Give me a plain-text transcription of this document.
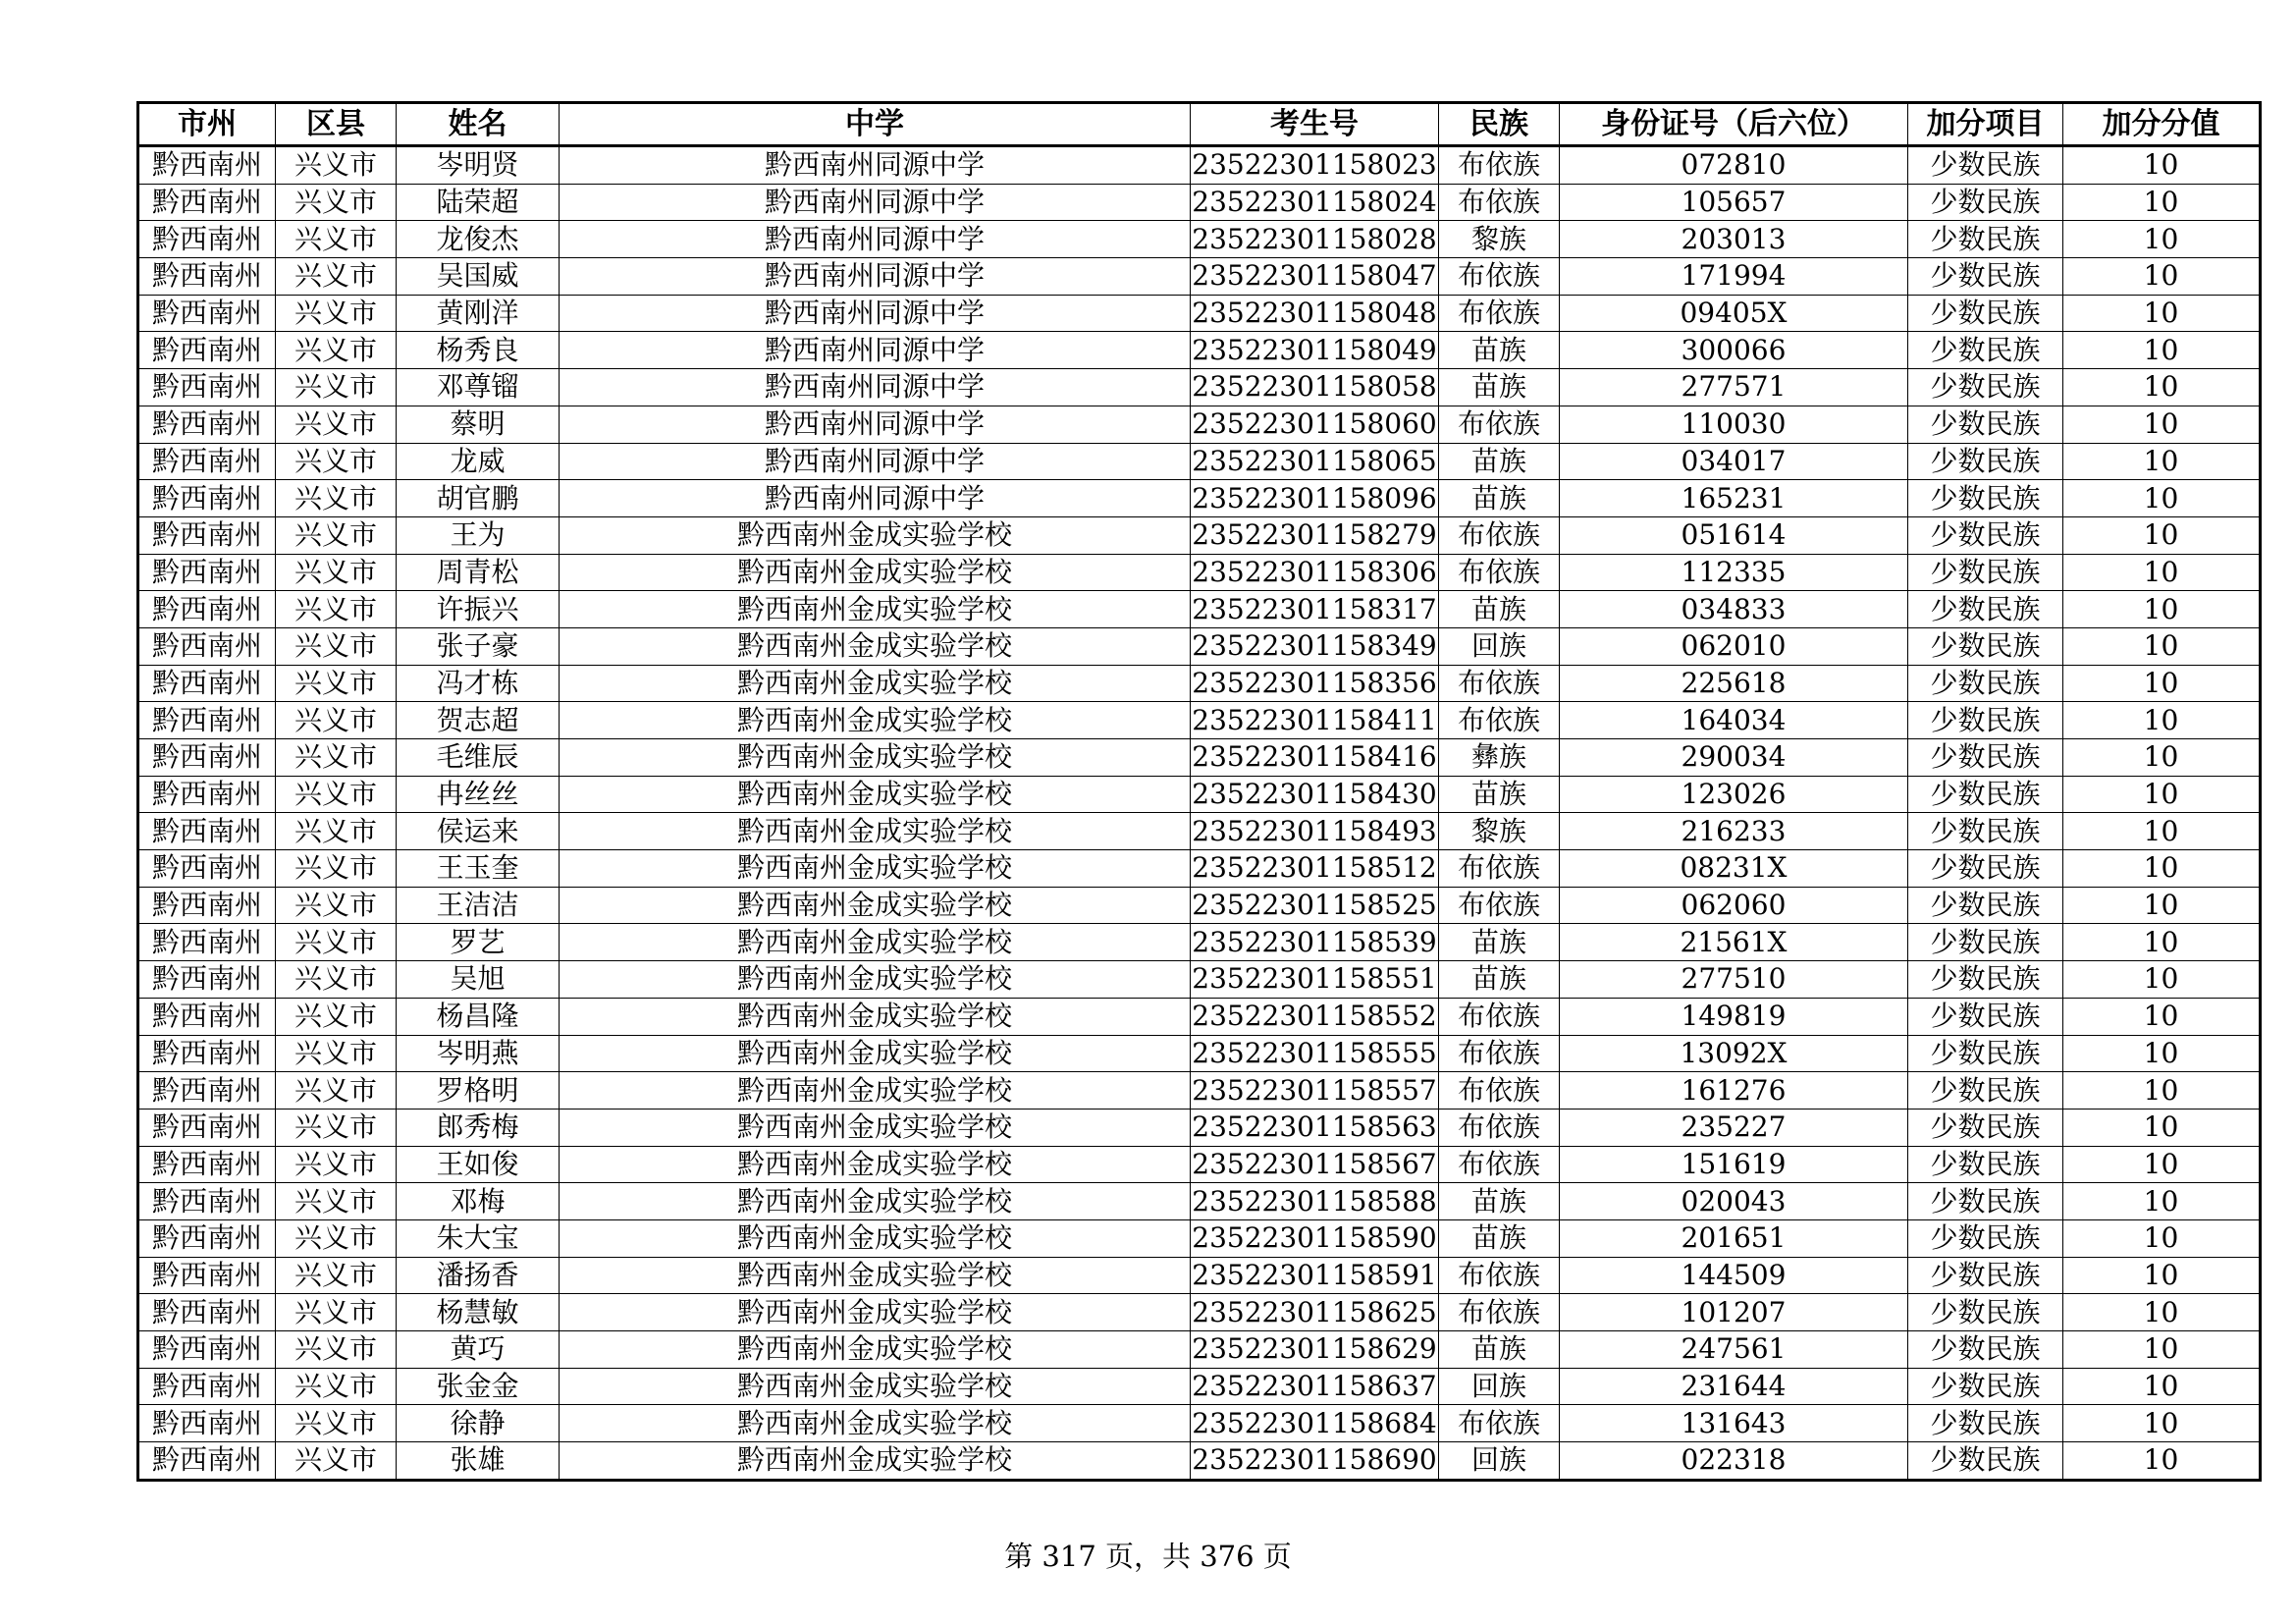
市州	区县	姓名	中学	考生号	民族	身份证号（后六位）	加分项目	加分分值
黔西南州	兴义市	岑明贤	黔西南州同源中学	23522301158023	布依族	072810	少数民族	10
黔西南州	兴义市	陆荣超	黔西南州同源中学	23522301158024	布依族	105657	少数民族	10
黔西南州	兴义市	龙俊杰	黔西南州同源中学	23522301158028	黎族	203013	少数民族	10
黔西南州	兴义市	吴国威	黔西南州同源中学	23522301158047	布依族	171994	少数民族	10
黔西南州	兴义市	黄刚洋	黔西南州同源中学	23522301158048	布依族	09405X	少数民族	10
黔西南州	兴义市	杨秀良	黔西南州同源中学	23522301158049	苗族	300066	少数民族	10
黔西南州	兴义市	邓尊镏	黔西南州同源中学	23522301158058	苗族	277571	少数民族	10
黔西南州	兴义市	蔡明	黔西南州同源中学	23522301158060	布依族	110030	少数民族	10
黔西南州	兴义市	龙威	黔西南州同源中学	23522301158065	苗族	034017	少数民族	10
黔西南州	兴义市	胡官鹏	黔西南州同源中学	23522301158096	苗族	165231	少数民族	10
黔西南州	兴义市	王为	黔西南州金成实验学校	23522301158279	布依族	051614	少数民族	10
黔西南州	兴义市	周青松	黔西南州金成实验学校	23522301158306	布依族	112335	少数民族	10
黔西南州	兴义市	许振兴	黔西南州金成实验学校	23522301158317	苗族	034833	少数民族	10
黔西南州	兴义市	张子豪	黔西南州金成实验学校	23522301158349	回族	062010	少数民族	10
黔西南州	兴义市	冯才栋	黔西南州金成实验学校	23522301158356	布依族	225618	少数民族	10
黔西南州	兴义市	贺志超	黔西南州金成实验学校	23522301158411	布依族	164034	少数民族	10
黔西南州	兴义市	毛维辰	黔西南州金成实验学校	23522301158416	彝族	290034	少数民族	10
黔西南州	兴义市	冉丝丝	黔西南州金成实验学校	23522301158430	苗族	123026	少数民族	10
黔西南州	兴义市	侯运来	黔西南州金成实验学校	23522301158493	黎族	216233	少数民族	10
黔西南州	兴义市	王玉奎	黔西南州金成实验学校	23522301158512	布依族	08231X	少数民族	10
黔西南州	兴义市	王洁洁	黔西南州金成实验学校	23522301158525	布依族	062060	少数民族	10
黔西南州	兴义市	罗艺	黔西南州金成实验学校	23522301158539	苗族	21561X	少数民族	10
黔西南州	兴义市	吴旭	黔西南州金成实验学校	23522301158551	苗族	277510	少数民族	10
黔西南州	兴义市	杨昌隆	黔西南州金成实验学校	23522301158552	布依族	149819	少数民族	10
黔西南州	兴义市	岑明燕	黔西南州金成实验学校	23522301158555	布依族	13092X	少数民族	10
黔西南州	兴义市	罗格明	黔西南州金成实验学校	23522301158557	布依族	161276	少数民族	10
黔西南州	兴义市	郎秀梅	黔西南州金成实验学校	23522301158563	布依族	235227	少数民族	10
黔西南州	兴义市	王如俊	黔西南州金成实验学校	23522301158567	布依族	151619	少数民族	10
黔西南州	兴义市	邓梅	黔西南州金成实验学校	23522301158588	苗族	020043	少数民族	10
黔西南州	兴义市	朱大宝	黔西南州金成实验学校	23522301158590	苗族	201651	少数民族	10
黔西南州	兴义市	潘扬香	黔西南州金成实验学校	23522301158591	布依族	144509	少数民族	10
黔西南州	兴义市	杨慧敏	黔西南州金成实验学校	23522301158625	布依族	101207	少数民族	10
黔西南州	兴义市	黄巧	黔西南州金成实验学校	23522301158629	苗族	247561	少数民族	10
黔西南州	兴义市	张金金	黔西南州金成实验学校	23522301158637	回族	231644	少数民族	10
黔西南州	兴义市	徐静	黔西南州金成实验学校	23522301158684	布依族	131643	少数民族	10
黔西南州	兴义市	张雄	黔西南州金成实验学校	23522301158690	回族	022318	少数民族	10
第 317 页，共 376 页
